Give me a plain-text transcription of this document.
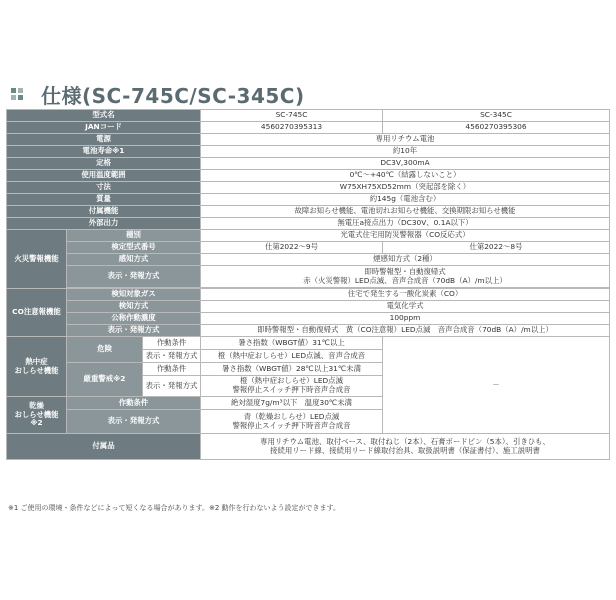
仕様(SC-745C/SC-345C)
型式名			SC-745C	SC-345C
JANコード			4560270395313	4560270395306
電源			専用リチウム電池	
電池寿命※1			約10年	
定格			DC3V,300mA	
使用温度範囲			0℃～+40℃（結露しないこと）	
寸法			W75XH75XD52mm（突起部を除く）	
質量			約145g（電池含む）	
付属機能			故障お知らせ機能、電池切れお知らせ機能、交換期限お知らせ機能	
外部出力			無電圧a接点出力（DC30V、0.1A以下）	
火災警報機能	種別		光電式住宅用防災警報器（CO反応式）	
	検定型式番号		仕第2022～9号	仕第2022～8号
	感知方式		煙感知方式（2種）	
	表示・発報方式		即時警報型・自動復帰式
赤（火災警報）LED点滅、音声合成音（70dB（A）/m以上）	

CO注意報機能	検知対象ガス		住宅で発生する一酸化炭素（CO）	
	検知方式		電気化学式	
	公称作動濃度		100ppm	
	表示・発報方式		即時警報型・自動復帰式　黄（CO注意報）LED点滅　音声合成音（70dB（A）/m以上）	

熱中症
おしらせ機能	危険	作動条件	暑さ指数（WBGT値）31℃以上	－
		表示・発報方式	橙（熱中症おしらせ）LED点滅、音声合成音	
	厳重警戒※2	作動条件	暑さ指数（WBGT値）28℃以上31℃未満	
		表示・発報方式	橙（熱中症おしらせ）LED点滅
警報停止スイッチ押下時音声合成音	

乾燥
おしらせ機能
※2	作動条件		絶対湿度7g/m³以下　温度30℃未満	
	表示・発報方式		青（乾燥おしらせ）LED点滅
警報停止スイッチ押下時音声合成音	

付属品			専用リチウム電池、取付ベース、取付ねじ（2本）、石膏ボードピン（5本）、引きひも、
接続用リード線、接続用リード線取付治具、取扱説明書（保証書付）、施工説明書	
※1 ご使用の環境・条件などによって短くなる場合があります。※2 動作を行わないよう設定ができます。
